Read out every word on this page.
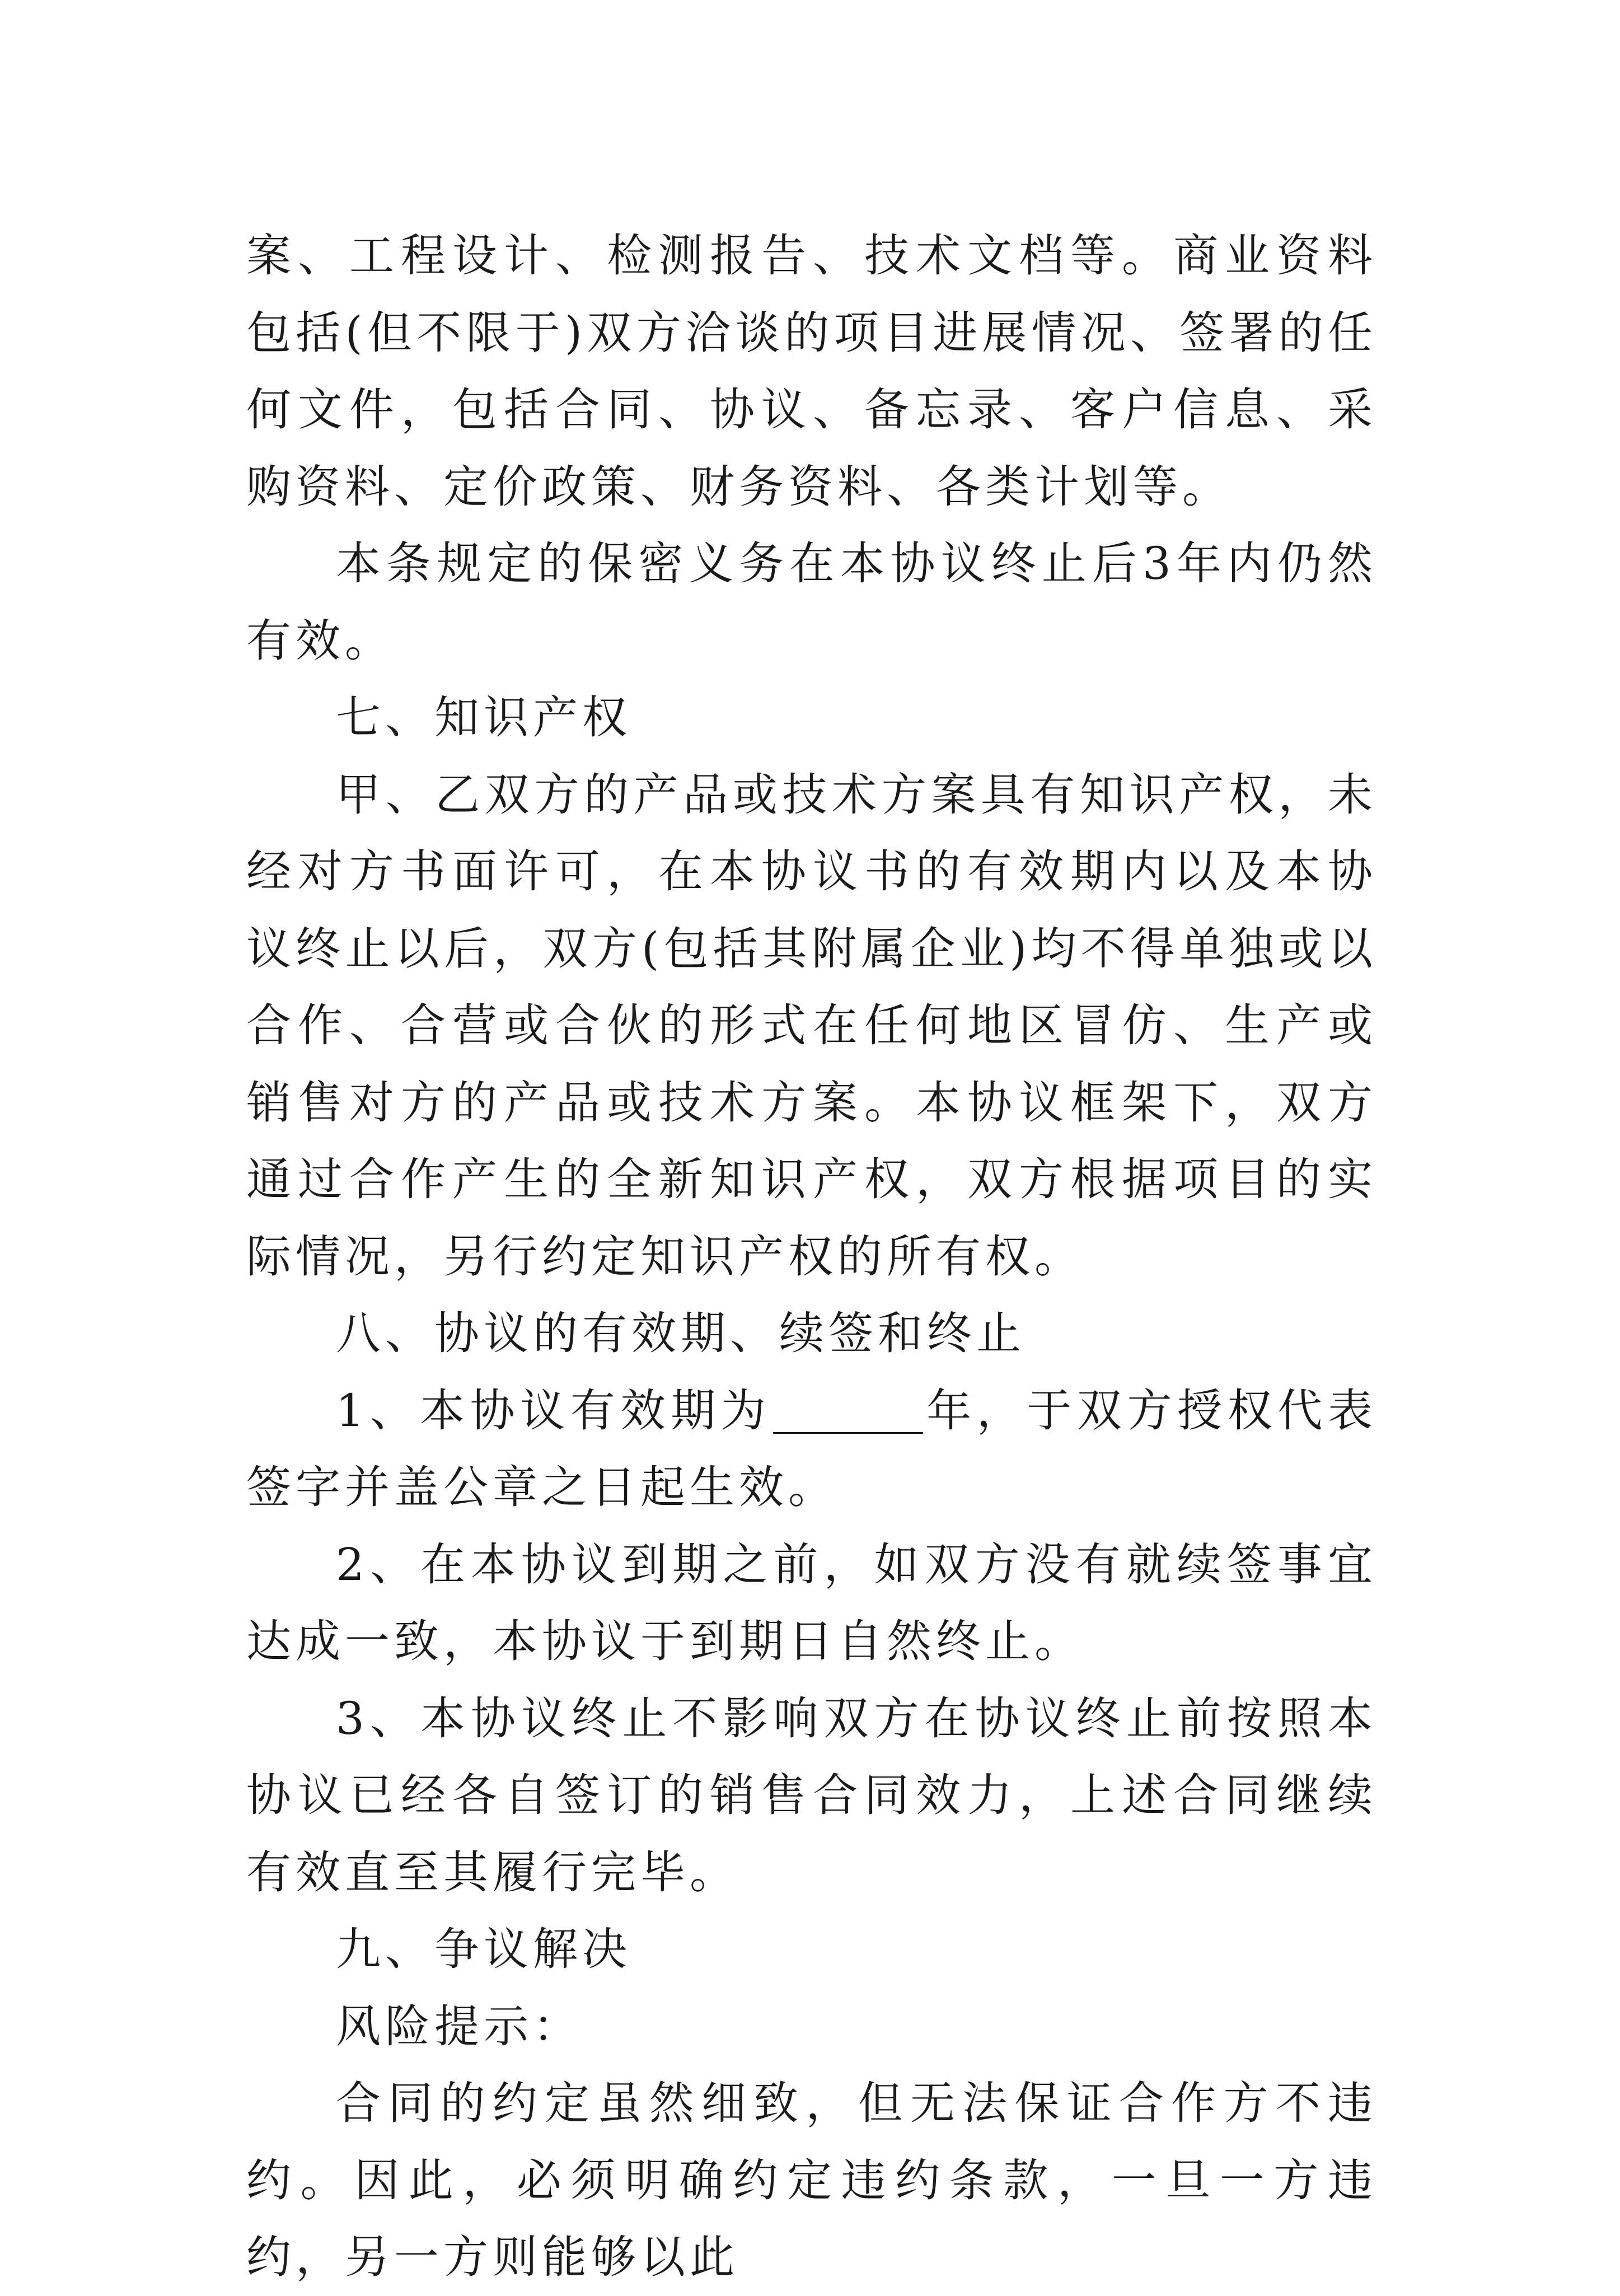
案、工程设计、检测报告、技术文档等。商业资料包括(但不限于)双方洽谈的项目进展情况、签署的任何文件，包括合同、协议、备忘录、客户信息、采购资料、定价政策、财务资料、各类计划等。

本条规定的保密义务在本协议终止后3年内仍然有效。

七、知识产权

甲、乙双方的产品或技术方案具有知识产权，未经对方书面许可，在本协议书的有效期内以及本协议终止以后，双方(包括其附属企业)均不得单独或以合作、合营或合伙的形式在任何地区冒仿、生产或销售对方的产品或技术方案。本协议框架下，双方通过合作产生的全新知识产权，双方根据项目的实际情况，另行约定知识产权的所有权。

八、协议的有效期、续签和终止

1、本协议有效期为	年，于双方授权代表签字并盖公章之日起生效。

2、在本协议到期之前，如双方没有就续签事宜达成一致，本协议于到期日自然终止。

3、本协议终止不影响双方在协议终止前按照本协议已经各自签订的销售合同效力，上述合同继续有效直至其履行完毕。

九、争议解决

风险提示：

合同的约定虽然细致，但无法保证合作方不违约。因此，必须明确约定违约条款，一旦一方违约，另一方则能够以此
